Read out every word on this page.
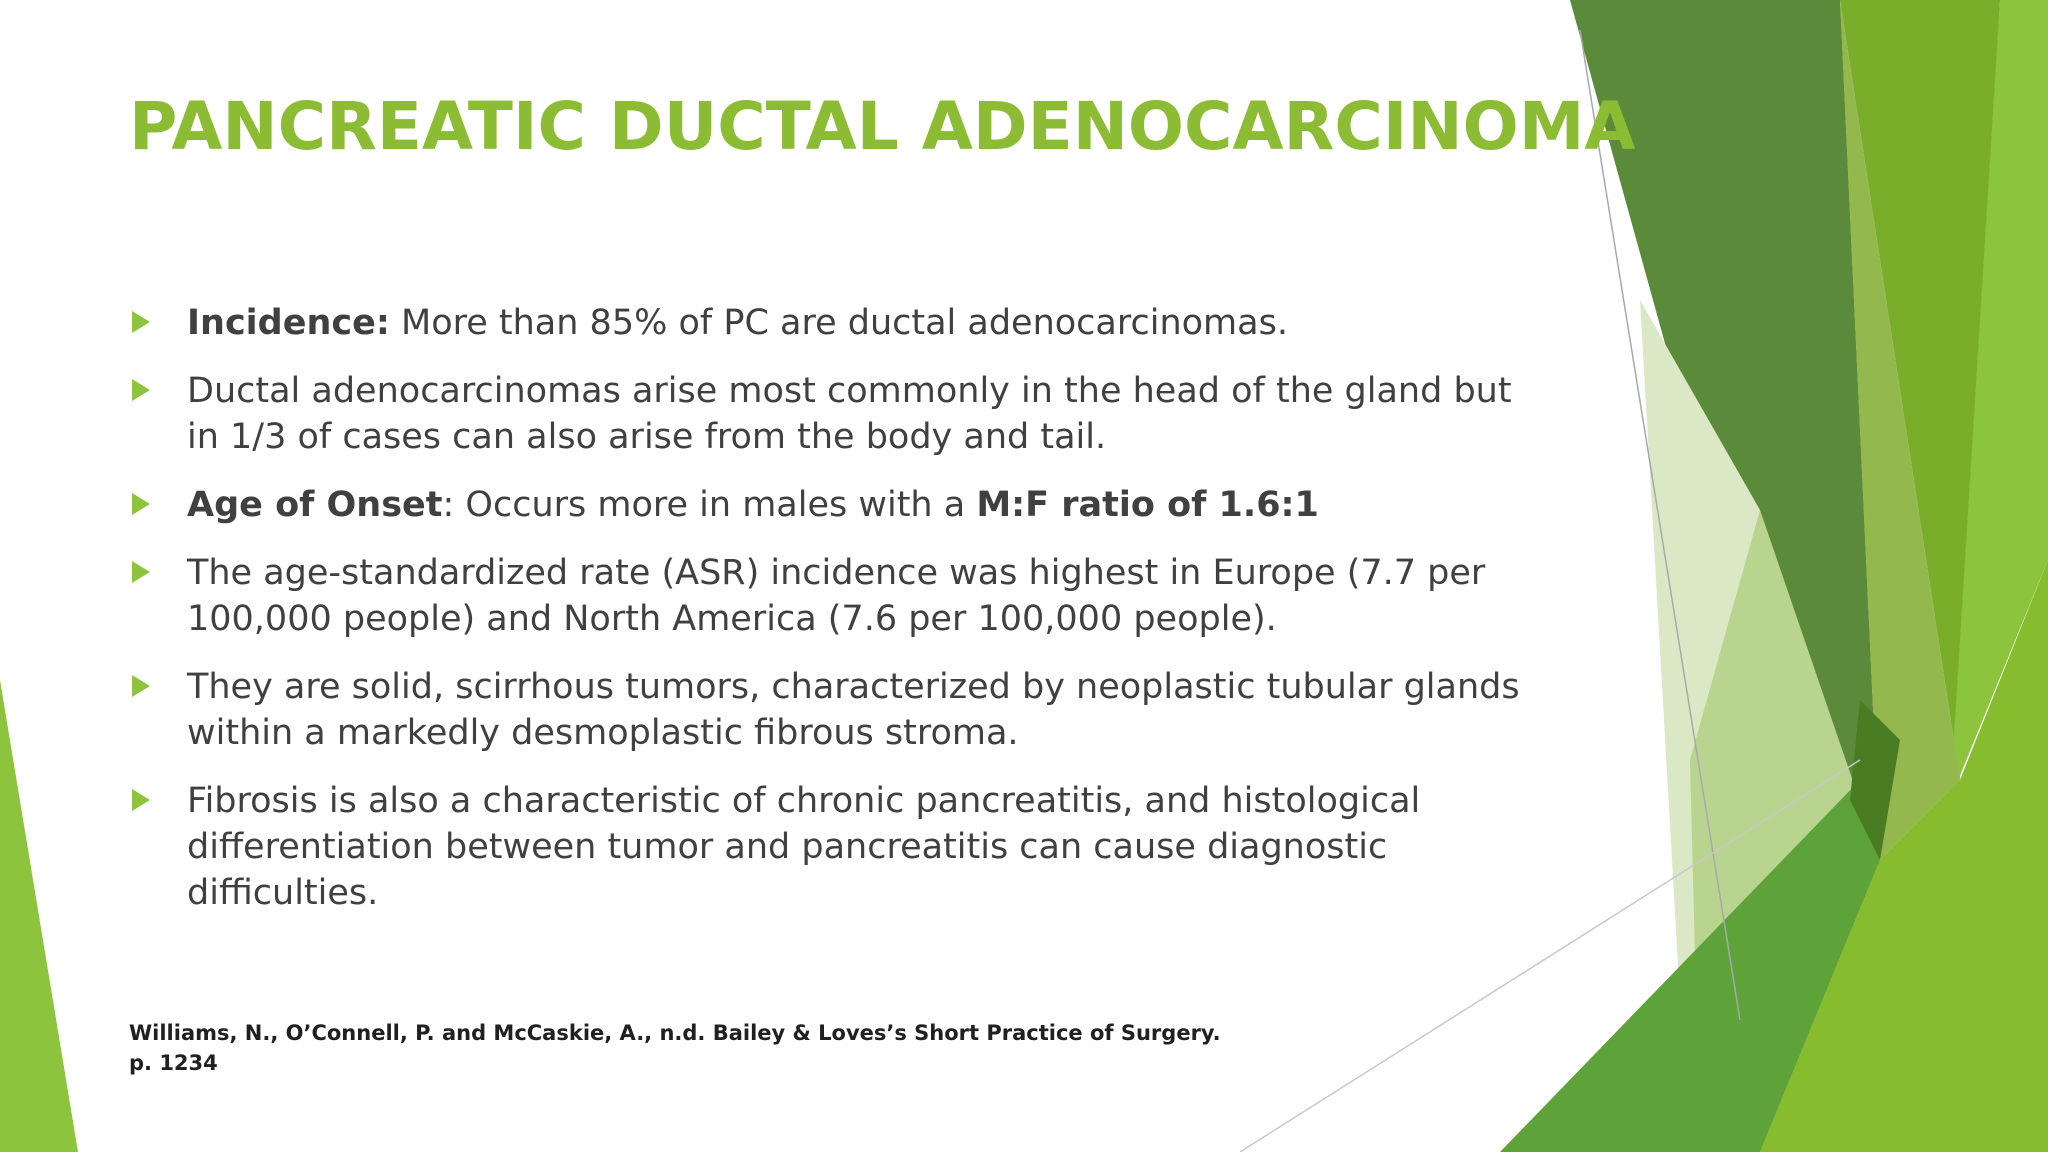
PANCREATIC DUCTAL ADENOCARCINOMA
Incidence: More than 85% of PC are ductal adenocarcinomas.
Ductal adenocarcinomas arise most commonly in the head of the gland but in 1/3 of cases can also arise from the body and tail.
Age of Onset: Occurs more in males with a M:F ratio of 1.6:1
The age-standardized rate (ASR) incidence was highest in Europe (7.7 per 100,000 people) and North America (7.6 per 100,000 people).
They are solid, scirrhous tumors, characterized by neoplastic tubular glands within a markedly desmoplastic fibrous stroma.
Fibrosis is also a characteristic of chronic pancreatitis, and histological differentiation between tumor and pancreatitis can cause diagnostic difficulties.
Williams, N., O’Connell, P. and McCaskie, A., n.d. Bailey & Loves’s Short Practice of Surgery.
p. 1234
